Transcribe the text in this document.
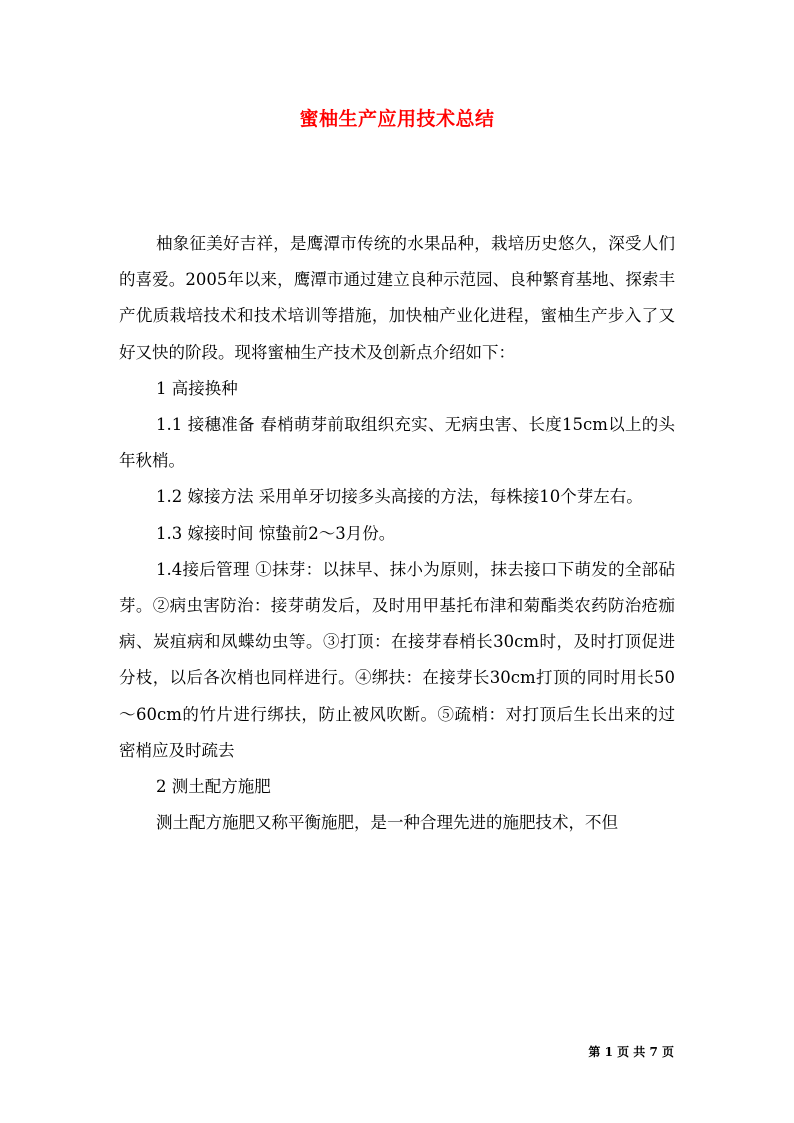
蜜柚生产应用技术总结

柚象征美好吉祥，是鹰潭市传统的水果品种，栽培历史悠久，深受人们的喜爱。2005年以来，鹰潭市通过建立良种示范园、良种繁育基地、探索丰产优质栽培技术和技术培训等措施，加快柚产业化进程，蜜柚生产步入了又好又快的阶段。现将蜜柚生产技术及创新点介绍如下：

1 高接换种

1.1 接穗准备 春梢萌芽前取组织充实、无病虫害、长度15cm以上的头年秋梢。

1.2 嫁接方法 采用单牙切接多头高接的方法，每株接10个芽左右。

1.3 嫁接时间 惊蛰前2～3月份。

1.4接后管理 ①抹芽：以抹早、抹小为原则，抹去接口下萌发的全部砧芽。②病虫害防治：接芽萌发后，及时用甲基托布津和菊酯类农药防治疮痂病、炭疽病和凤蝶幼虫等。③打顶：在接芽春梢长30cm时，及时打顶促进分枝，以后各次梢也同样进行。④绑扶：在接芽长30cm打顶的同时用长50～60cm的竹片进行绑扶，防止被风吹断。⑤疏梢：对打顶后生长出来的过密梢应及时疏去

2 测土配方施肥

测土配方施肥又称平衡施肥，是一种合理先进的施肥技术，不但

第 1 页 共 7 页
